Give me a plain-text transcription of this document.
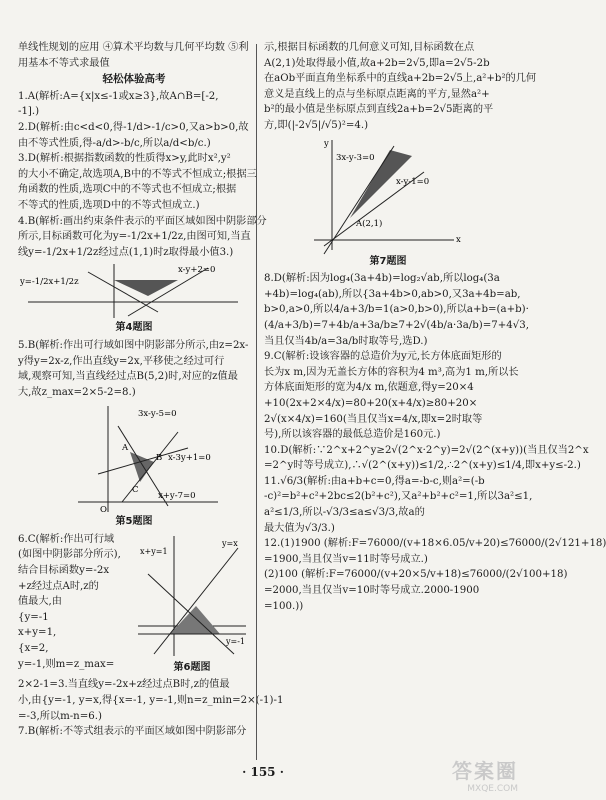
单线性规划的应用 ④算术平均数与几何平均数 ⑤利
用基本不等式求最值
轻松体验高考
1.A(解析:A={x|x≤-1或x≥3},故A∩B=[-2,
-1].)
2.D(解析:由c<d<0,得-1/d>-1/c>0,又a>b>0,故
由不等式性质,得-a/d>-b/c,所以a/d<b/c.)
3.D(解析:根据指数函数的性质得x>y,此时x²,y²
的大小不确定,故选项A,B中的不等式不恒成立;根据三
角函数的性质,选项C中的不等式也不恒成立;根据
不等式的性质,选项D中的不等式恒成立.)
4.B(解析:画出约束条件表示的平面区域如图中阴影部分
所示,目标函数可化为y=-1/2x+1/2z,由图可知,当直
线y=-1/2x+1/2z经过点(1,1)时z取得最小值3.)
y=-1/2x+1/2z
x-y+2=0
第4题图
5.B(解析:作出可行域如图中阴影部分所示,由z=2x-
y得y=2x-z,作出直线y=2x,平移使之经过可行
域,观察可知,当直线经过点B(5,2)时,对应的z值最
大,故z_max=2×5-2=8.)
3x-y-5=0
x-3y+1=0
x+y-7=0
A
B
C
O
第5题图
6.C(解析:作出可行域
(如图中阴影部分所示),
结合目标函数y=-2x
+z经过点A时,z的
值最大,由
{y=-1
x+y=1,
{x=2,
y=-1,则m=z_max=
x+y=1
y=x
y=-1
第6题图
2×2-1=3.当直线y=-2x+z经过点B时,z的值最
小,由{y=-1, y=x,得{x=-1, y=-1,则n=z_min=2×(-1)-1
=-3,所以m-n=6.)
7.B(解析:不等式组表示的平面区域如图中阴影部分
示,根据目标函数的几何意义可知,目标函数在点
A(2,1)处取得最小值,故a+2b=2√5,即a=2√5-2b
在aOb平面直角坐标系中的直线a+2b=2√5上,a²+b²的几何
意义是直线上的点与坐标原点距离的平方,显然a²+
b²的最小值是坐标原点到直线2a+b=2√5距离的平
方,即(|-2√5|/√5)²=4.)
3x-y-3=0
x-y-1=0
A(2,1)
y
x
第7题图
8.D(解析:因为log₄(3a+4b)=log₂√ab,所以log₄(3a
+4b)=log₄(ab),所以{3a+4b>0,ab>0,又3a+4b=ab,
b>0,a>0,所以4/a+3/b=1(a>0,b>0),所以a+b=(a+b)·
(4/a+3/b)=7+4b/a+3a/b≥7+2√(4b/a·3a/b)=7+4√3,
当且仅当4b/a=3a/b时取等号,选D.)
9.C(解析:设该容器的总造价为y元,长方体底面矩形的
长为x m,因为无盖长方体的容积为4 m³,高为1 m,所以长
方体底面矩形的宽为4/x m,依题意,得y=20×4
+10(2x+2×4/x)=80+20(x+4/x)≥80+20×
2√(x×4/x)=160(当且仅当x=4/x,即x=2时取等
号),所以该容器的最低总造价是160元.)
10.D(解析:∵2^x+2^y≥2√(2^x·2^y)=2√(2^(x+y))(当且仅当2^x
=2^y时等号成立),∴√(2^(x+y))≤1/2,∴2^(x+y)≤1/4,即x+y≤-2.)
11.√6/3(解析:由a+b+c=0,得a=-b-c,则a²=(-b
-c)²=b²+c²+2bc≤2(b²+c²),又a²+b²+c²=1,所以3a²≤1,
a²≤1/3,所以-√3/3≤a≤√3/3,故a的
最大值为√3/3.)
12.(1)1900 (解析:F=76000/(v+18×6.05/v+20)≤76000/(2√121+18)
=1900,当且仅当v=11时等号成立.)
(2)100 (解析:F=76000/(v+20×5/v+18)≤76000/(2√100+18)
=2000,当且仅当v=10时等号成立.2000-1900
=100.))
· 155 ·	答案圈
MXQE.COM
